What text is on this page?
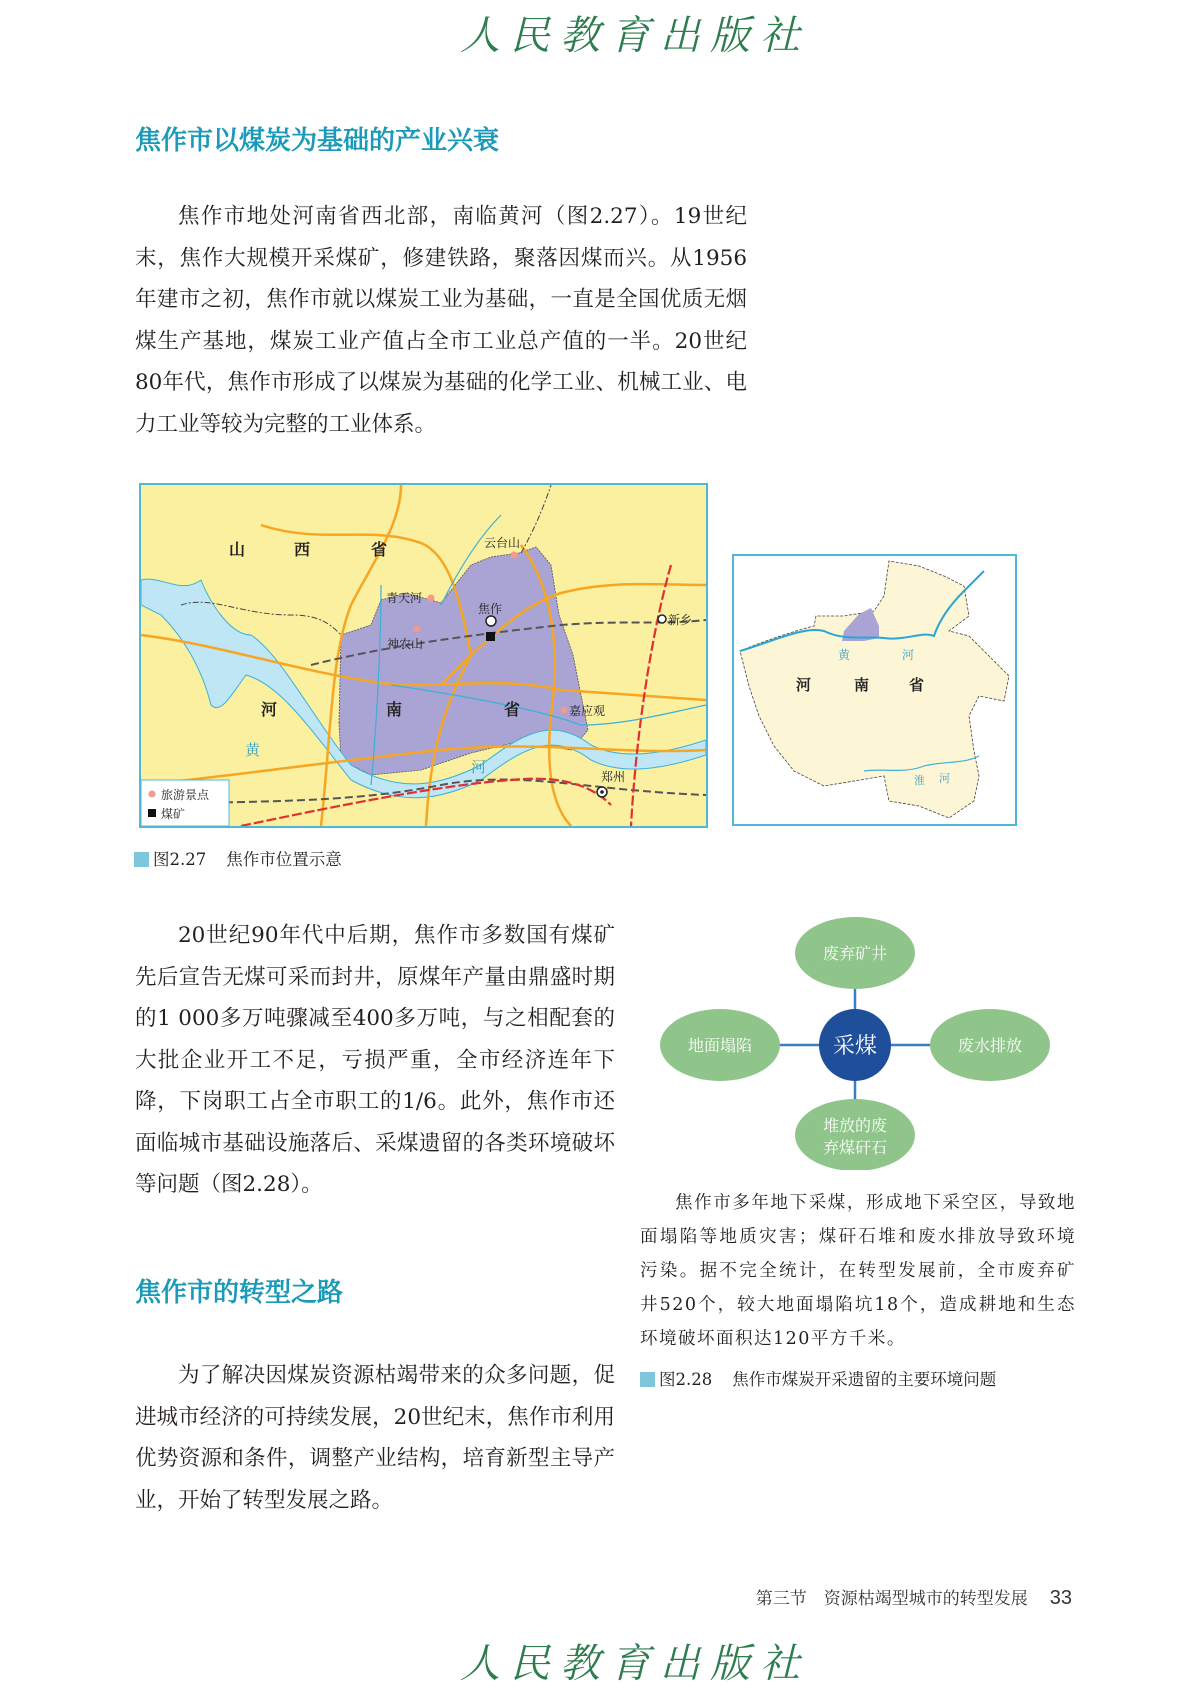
人民教育出版社
焦作市以煤炭为基础的产业兴衰

焦作市地处河南省西北部，南临黄河（图2.27）。19世纪末，焦作大规模开采煤矿，修建铁路，聚落因煤而兴。从1956年建市之初，焦作市就以煤炭工业为基础，一直是全国优质无烟煤生产基地，煤炭工业产值占全市工业总产值的一半。20世纪80年代，焦作市形成了以煤炭为基础的化学工业、机械工业、电力工业等较为完整的工业体系。

山	西	省
河	南	省
黄
河
云台山
青天河
神农山
焦作
新乡
嘉应观
郑州
旅游景点
煤矿
河	南	省
黄	河
淮 河
图2.27 焦作市位置示意

20世纪90年代中后期，焦作市多数国有煤矿先后宣告无煤可采而封井，原煤年产量由鼎盛时期的1 000多万吨骤减至400多万吨，与之相配套的大批企业开工不足，亏损严重，全市经济连年下降，下岗职工占全市职工的1/6。此外，焦作市还面临城市基础设施落后、采煤遗留的各类环境破坏等问题（图2.28）。

采煤
废弃矿井
地面塌陷	废水排放
堆放的废
弃煤矸石

焦作市多年地下采煤，形成地下采空区，导致地面塌陷等地质灾害；煤矸石堆和废水排放导致环境污染。据不完全统计，在转型发展前，全市废弃矿井520个，较大地面塌陷坑18个，造成耕地和生态环境破坏面积达120平方千米。

图2.28 焦作市煤炭开采遗留的主要环境问题
焦作市的转型之路

为了解决因煤炭资源枯竭带来的众多问题，促进城市经济的可持续发展，20世纪末，焦作市利用优势资源和条件，调整产业结构，培育新型主导产业，开始了转型发展之路。

第三节　资源枯竭型城市的转型发展 33
人民教育出版社
